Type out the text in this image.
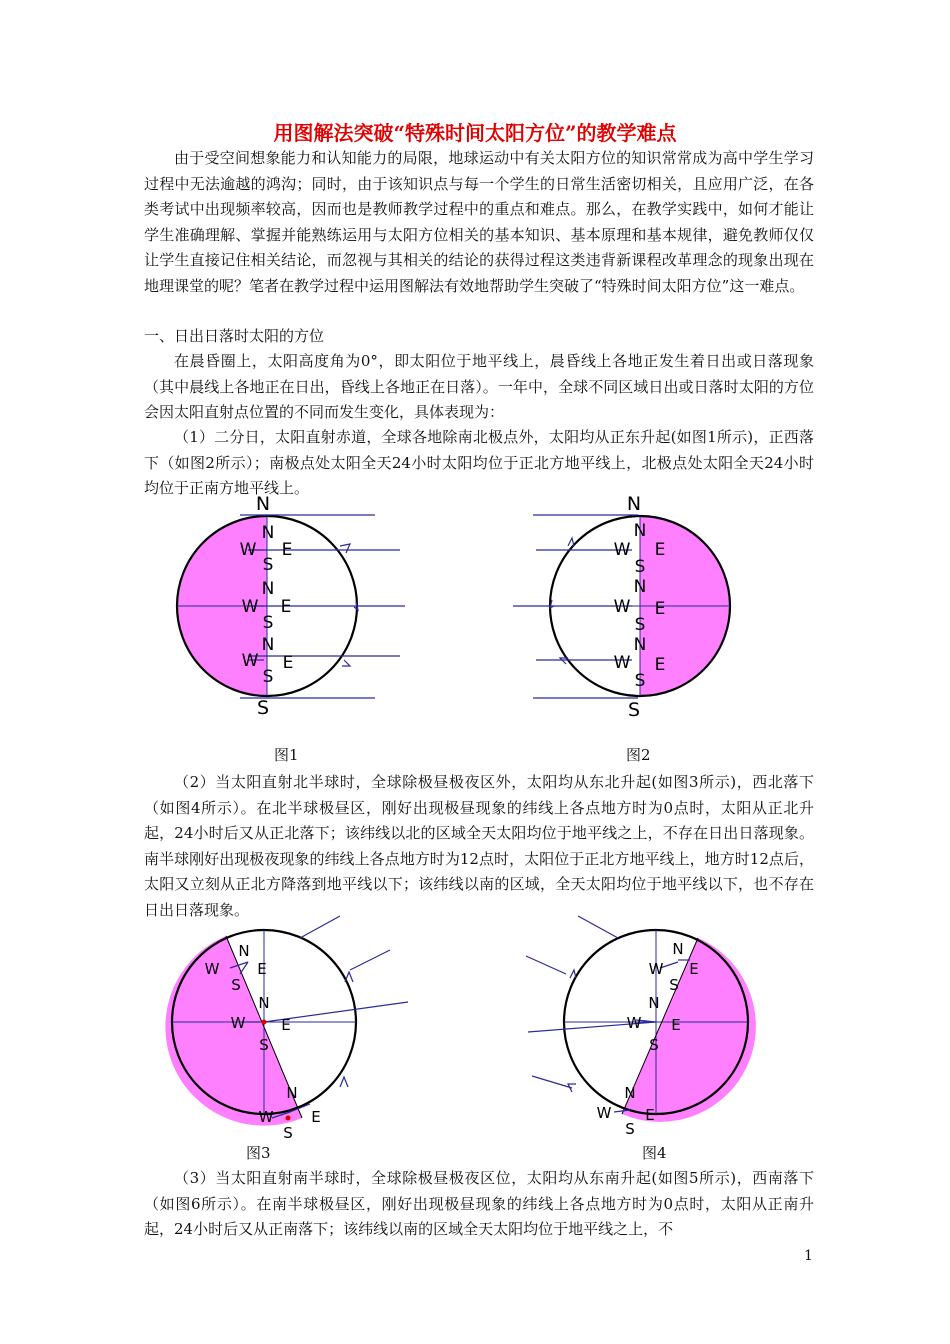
用图解法突破“特殊时间太阳方位”的教学难点

由于受空间想象能力和认知能力的局限，地球运动中有关太阳方位的知识常常成为高中学生学习过程中无法逾越的鸿沟；同时，由于该知识点与每一个学生的日常生活密切相关，且应用广泛，在各类考试中出现频率较高，因而也是教师教学过程中的重点和难点。那么，在教学实践中，如何才能让学生准确理解、掌握并能熟练运用与太阳方位相关的基本知识、基本原理和基本规律，避免教师仅仅让学生直接记住相关结论，而忽视与其相关的结论的获得过程这类违背新课程改革理念的现象出现在地理课堂的呢？笔者在教学过程中运用图解法有效地帮助学生突破了“特殊时间太阳方位”这一难点。

一、日出日落时太阳的方位

在晨昏圈上，太阳高度角为0°，即太阳位于地平线上，晨昏线上各地正发生着日出或日落现象（其中晨线上各地正在日出，昏线上各地正在日落）。一年中，全球不同区域日出或日落时太阳的方位会因太阳直射点位置的不同而发生变化，具体表现为：

（1）二分日，太阳直射赤道，全球各地除南北极点外，太阳均从正东升起(如图1所示)，正西落下（如图2所示）；南极点处太阳全天24小时太阳均位于正北方地平线上，北极点处太阳全天24小时均位于正南方地平线上。

N
S
N
W E
S
N
W E
S
N
W E
S
图1
N
S
N
W E
S
N
W E
S
N
W E
S
图2

（2）当太阳直射北半球时，全球除极昼极夜区外，太阳均从东北升起(如图3所示)，西北落下（如图4所示）。在北半球极昼区，刚好出现极昼现象的纬线上各点地方时为0点时，太阳从正北升起，24小时后又从正北落下；该纬线以北的区域全天太阳均位于地平线之上，不存在日出日落现象。南半球刚好出现极夜现象的纬线上各点地方时为12点时，太阳位于正北方地平线上，地方时12点后，太阳又立刻从正北方降落到地平线以下；该纬线以南的区域，全天太阳均位于地平线以下，也不存在日出日落现象。

N
W	E
S
N
W E
S
N
W	E
S
图3
N
W E
S
N
W E
S
N
W E
S
图4

（3）当太阳直射南半球时，全球除极昼极夜区位，太阳均从东南升起(如图5所示)，西南落下（如图6所示）。在南半球极昼区，刚好出现极昼现象的纬线上各点地方时为0点时，太阳从正南升起，24小时后又从正南落下；该纬线以南的区域全天太阳均位于地平线之上，不

1
